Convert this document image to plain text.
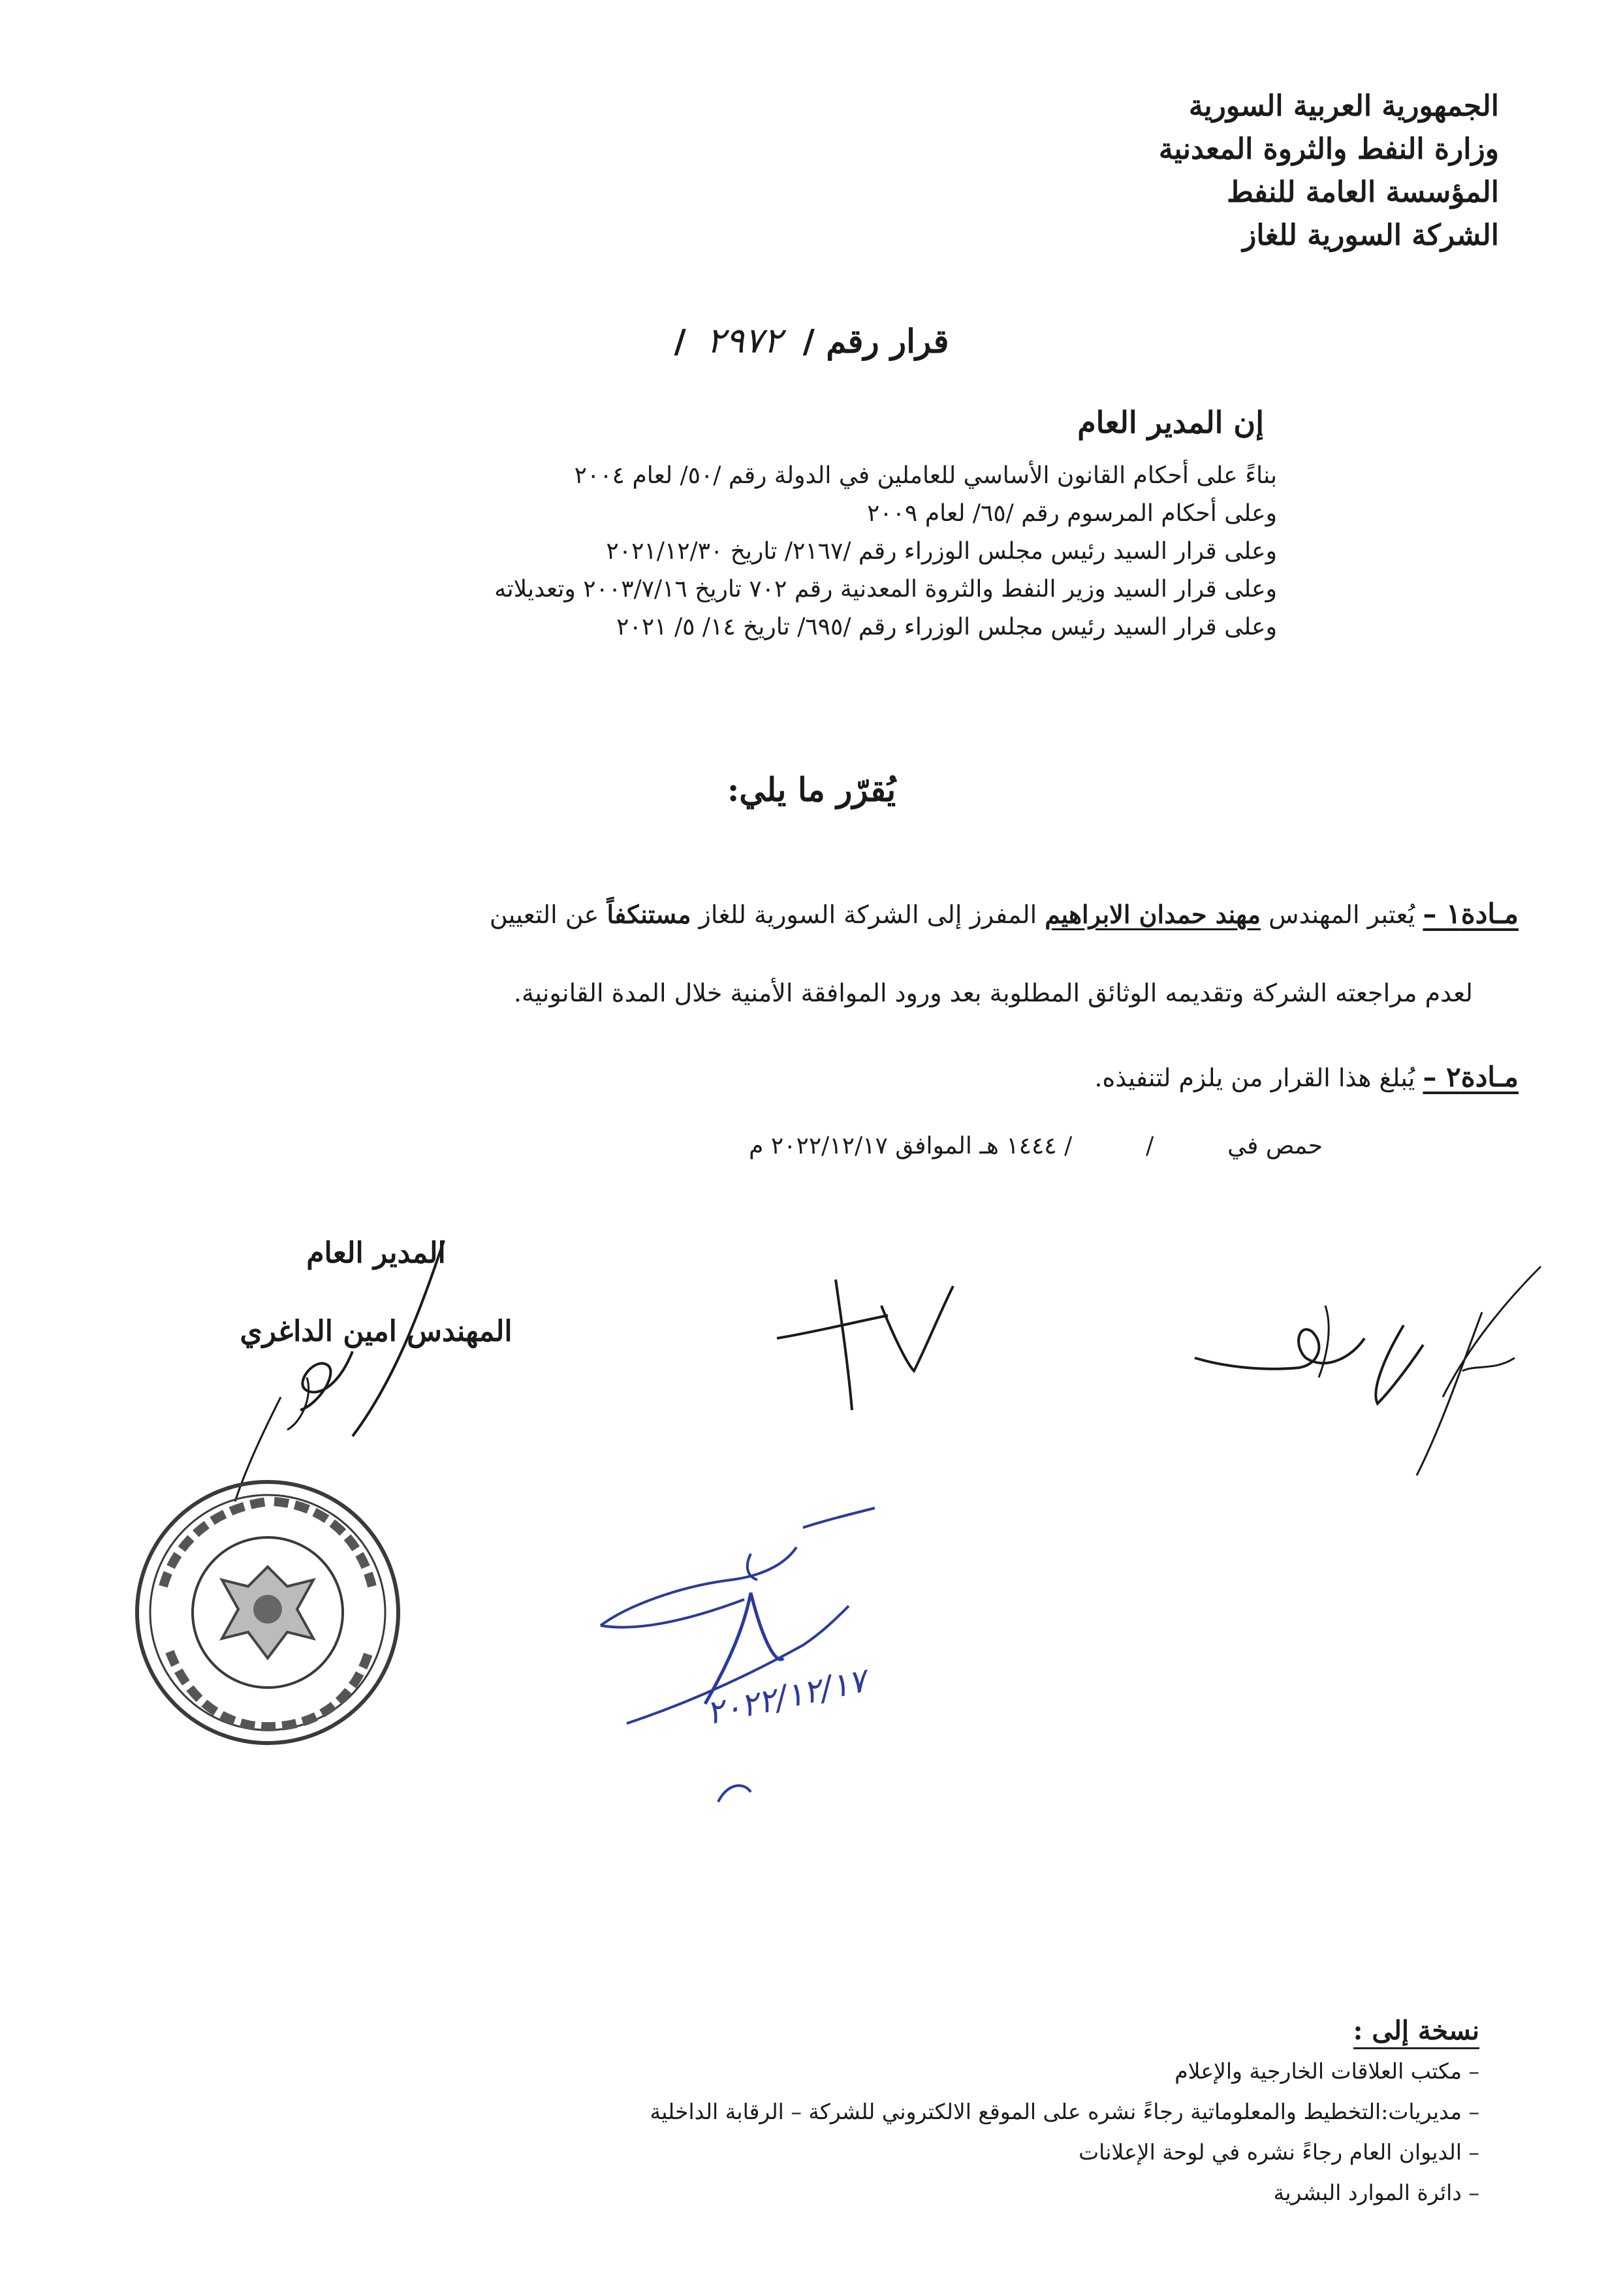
الجمهورية العربية السورية
وزارة النفط والثروة المعدنية
المؤسسة العامة للنفط
الشركة السورية للغاز
قرار رقم / ٢٩٧٢ /
إن المدير العام
بناءً على أحكام القانون الأساسي للعاملين في الدولة رقم /٥٠/ لعام ٢٠٠٤
وعلى أحكام المرسوم رقم /٦٥/ لعام ٢٠٠٩
وعلى قرار السيد رئيس مجلس الوزراء رقم /٢١٦٧/ تاريخ ٢٠٢١/١٢/٣٠
وعلى قرار السيد وزير النفط والثروة المعدنية رقم ٧٠٢ تاريخ ٢٠٠٣/٧/١٦ وتعديلاته
وعلى قرار السيد رئيس مجلس الوزراء رقم /٦٩٥/ تاريخ ١٤/ ٥/ ٢٠٢١
يُقرّر ما يلي:
مـادة١ – يُعتبر المهندس مهند حمدان الابراهيم المفرز إلى الشركة السورية للغاز مستنكفاً عن التعيين
لعدم مراجعته الشركة وتقديمه الوثائق المطلوبة بعد ورود الموافقة الأمنية خلال المدة القانونية.
مـادة٢ – يُبلغ هذا القرار من يلزم لتنفيذه.
حمص في  /  / ١٤٤٤ هـ الموافق ٢٠٢٢/١٢/١٧ م
المدير العام
المهندس امين الداغري
٢٠٢٢/١٢/١٧
نسخة إلى :
– مكتب العلاقات الخارجية والإعلام
– مديريات:التخطيط والمعلوماتية رجاءً نشره على الموقع الالكتروني للشركة – الرقابة الداخلية
– الديوان العام رجاءً نشره في لوحة الإعلانات
– دائرة الموارد البشرية
